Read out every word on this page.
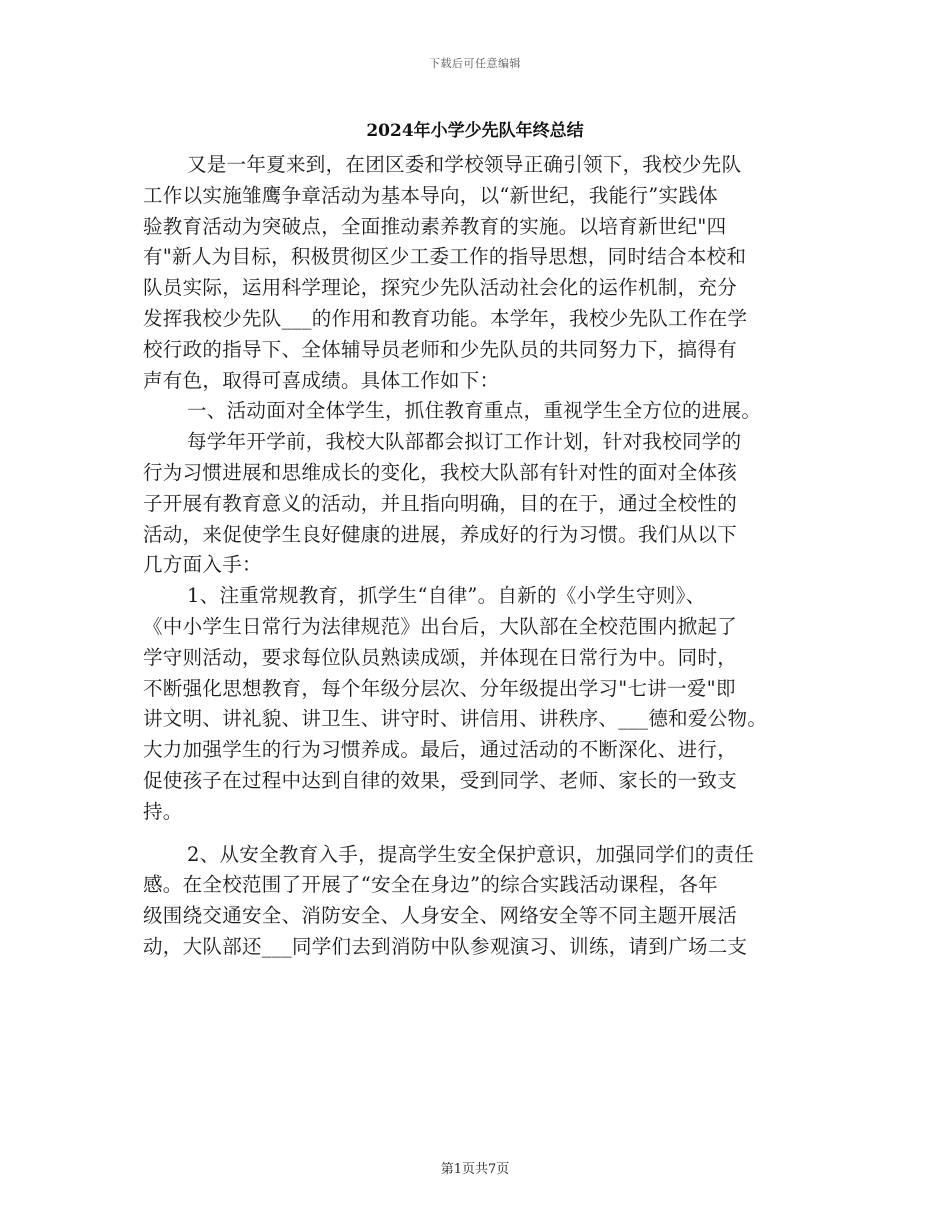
下载后可任意编辑
2024年小学少先队年终总结
又是一年夏来到，在团区委和学校领导正确引领下，我校少先队
工作以实施雏鹰争章活动为基本导向，以“新世纪，我能行”实践体
验教育活动为突破点，全面推动素养教育的实施。以培育新世纪"四
有"新人为目标，积极贯彻区少工委工作的指导思想，同时结合本校和
队员实际，运用科学理论，探究少先队活动社会化的运作机制，充分
发挥我校少先队___的作用和教育功能。本学年，我校少先队工作在学
校行政的指导下、全体辅导员老师和少先队员的共同努力下，搞得有
声有色，取得可喜成绩。具体工作如下：
一、活动面对全体学生，抓住教育重点，重视学生全方位的进展。
每学年开学前，我校大队部都会拟订工作计划，针对我校同学的
行为习惯进展和思维成长的变化，我校大队部有针对性的面对全体孩
子开展有教育意义的活动，并且指向明确，目的在于，通过全校性的
活动，来促使学生良好健康的进展，养成好的行为习惯。我们从以下
几方面入手：
1、注重常规教育，抓学生“自律”。自新的《小学生守则》、
《中小学生日常行为法律规范》出台后，大队部在全校范围内掀起了
学守则活动，要求每位队员熟读成颂，并体现在日常行为中。同时，
不断强化思想教育，每个年级分层次、分年级提出学习"七讲一爱"即
讲文明、讲礼貌、讲卫生、讲守时、讲信用、讲秩序、___德和爱公物。
大力加强学生的行为习惯养成。最后，通过活动的不断深化、进行，
促使孩子在过程中达到自律的效果，受到同学、老师、家长的一致支
持。
2、从安全教育入手，提高学生安全保护意识，加强同学们的责任
感。在全校范围了开展了“安全在身边”的综合实践活动课程，各年
级围绕交通安全、消防安全、人身安全、网络安全等不同主题开展活
动，大队部还___同学们去到消防中队参观演习、训练，请到广场二支
第1页共7页
